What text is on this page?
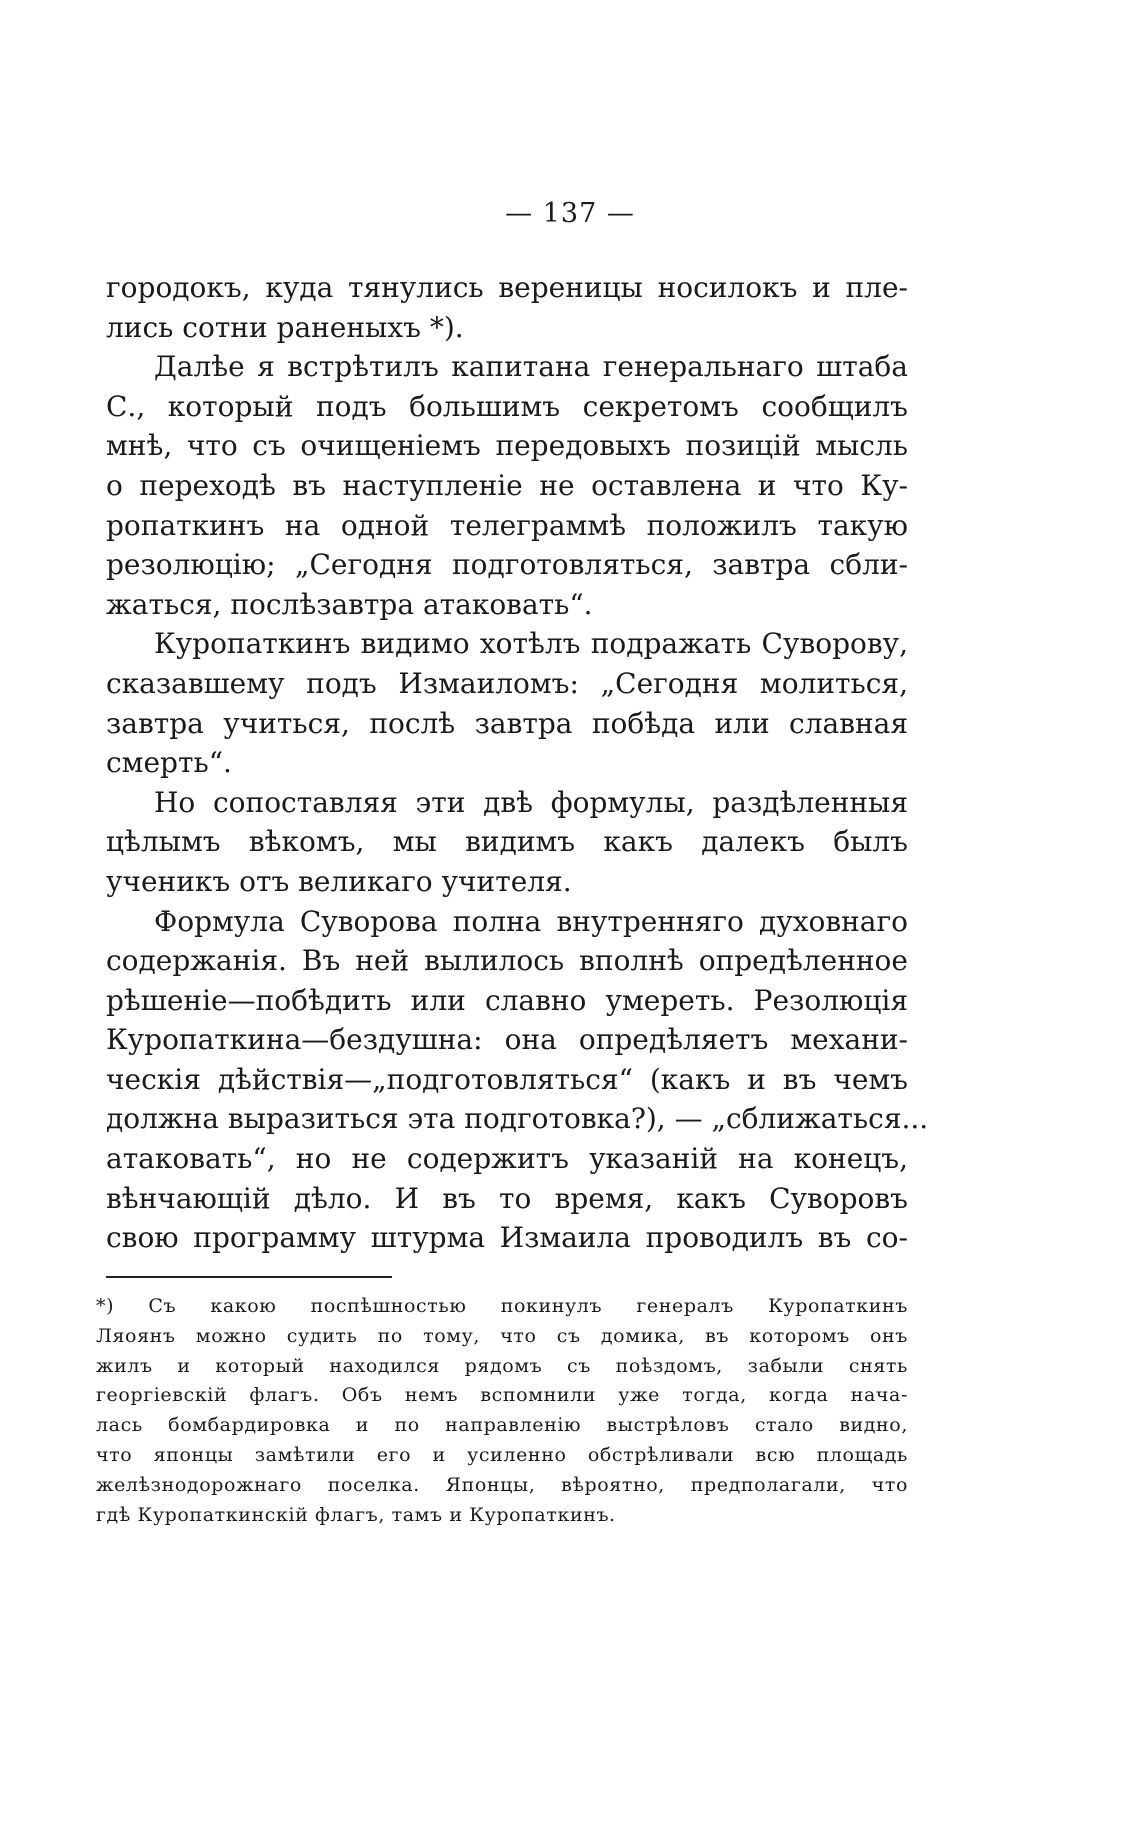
— 137 —
городокъ, куда тянулись вереницы носилокъ и пле-
лись сотни раненыхъ *).
Далѣе я встрѣтилъ капитана генеральнаго штаба
С., который подъ большимъ секретомъ сообщилъ
мнѣ, что съ очищеніемъ передовыхъ позицій мысль
о переходѣ въ наступленіе не оставлена и что Ку-
ропаткинъ на одной телеграммѣ положилъ такую
резолюцію; „Сегодня подготовляться, завтра сбли-
жаться, послѣзавтра атаковать“.
Куропаткинъ видимо хотѣлъ подражать Суворову,
сказавшему подъ Измаиломъ: „Сегодня молиться,
завтра учиться, послѣ завтра побѣда или славная
смерть“.
Но сопоставляя эти двѣ формулы, раздѣленныя
цѣлымъ вѣкомъ, мы видимъ какъ далекъ былъ
ученикъ отъ великаго учителя.
Формула Суворова полна внутренняго духовнаго
содержанія. Въ ней вылилось вполнѣ опредѣленное
рѣшеніе—побѣдить или славно умереть. Резолюція
Куропаткина—бездушна: она опредѣляетъ механи-
ческія дѣйствія—„подготовляться“ (какъ и въ чемъ
должна выразиться эта подготовка?), — „сближаться...
атаковать“, но не содержитъ указаній на конецъ,
вѣнчающій дѣло. И въ то время, какъ Суворовъ
свою программу штурма Измаила проводилъ въ со-
*) Съ какою поспѣшностью покинулъ генералъ Куропаткинъ
Ляоянъ можно судить по тому, что съ домика, въ которомъ онъ
жилъ и который находился рядомъ съ поѣздомъ, забыли снять
георгіевскій флагъ. Объ немъ вспомнили уже тогда, когда нача-
лась бомбардировка и по направленію выстрѣловъ стало видно,
что японцы замѣтили его и усиленно обстрѣливали всю площадь
желѣзнодорожнаго поселка. Японцы, вѣроятно, предполагали, что
гдѣ Куропаткинскій флагъ, тамъ и Куропаткинъ.
